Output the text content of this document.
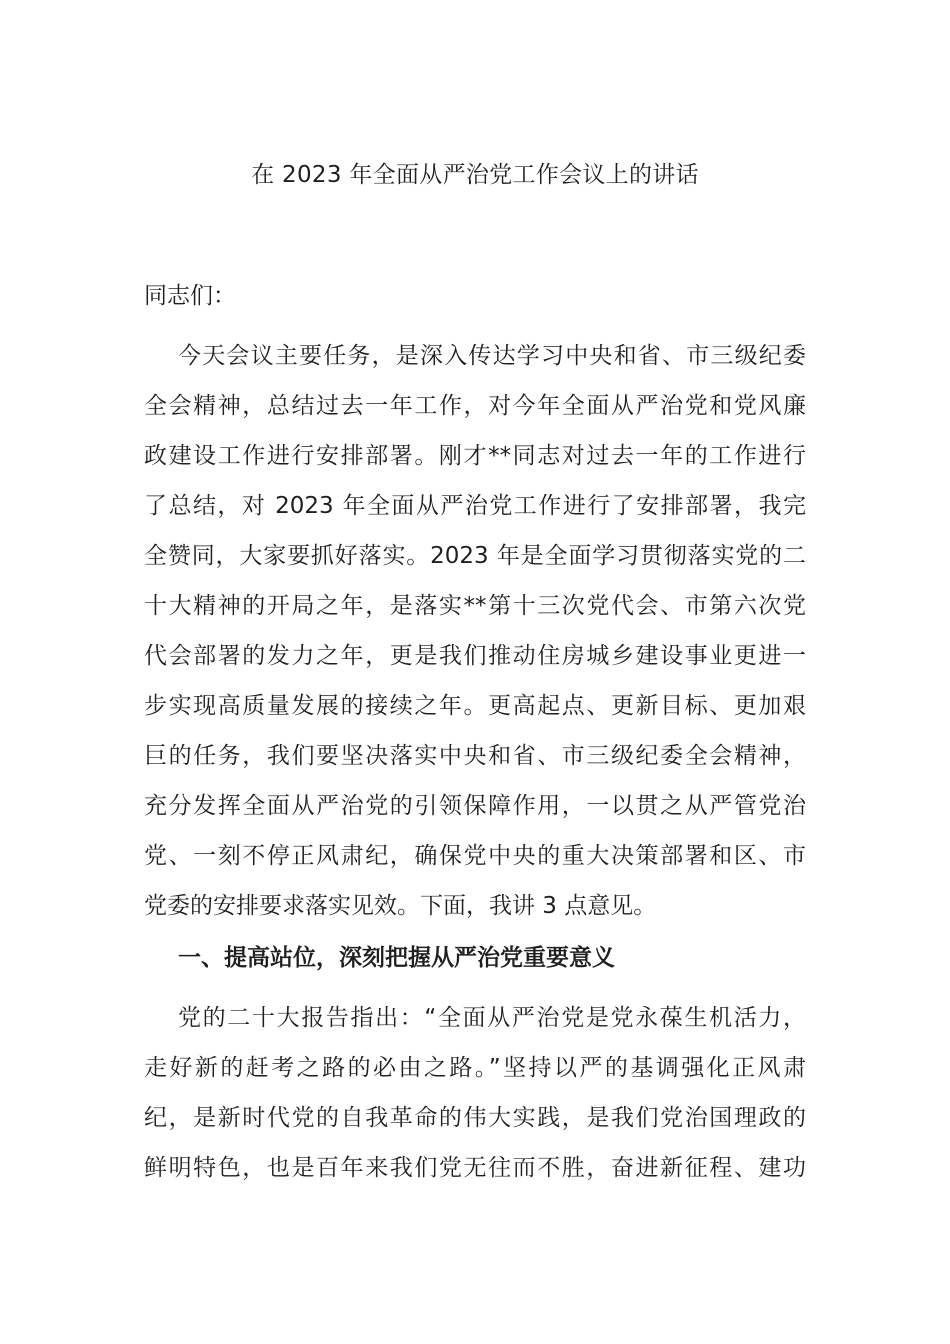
在 2023 年全面从严治党工作会议上的讲话
同志们：
今天会议主要任务，是深入传达学习中央和省、市三级纪委
全会精神，总结过去一年工作，对今年全面从严治党和党风廉
政建设工作进行安排部署。刚才**同志对过去一年的工作进行
了总结，对 2023 年全面从严治党工作进行了安排部署，我完
全赞同，大家要抓好落实。2023 年是全面学习贯彻落实党的二
十大精神的开局之年，是落实**第十三次党代会、市第六次党
代会部署的发力之年，更是我们推动住房城乡建设事业更进一
步实现高质量发展的接续之年。更高起点、更新目标、更加艰
巨的任务，我们要坚决落实中央和省、市三级纪委全会精神，
充分发挥全面从严治党的引领保障作用，一以贯之从严管党治
党、一刻不停正风肃纪，确保党中央的重大决策部署和区、市
党委的安排要求落实见效。下面，我讲 3 点意见。
一、提高站位，深刻把握从严治党重要意义
党的二十大报告指出：“全面从严治党是党永葆生机活力，
走好新的赶考之路的必由之路。”坚持以严的基调强化正风肃
纪，是新时代党的自我革命的伟大实践，是我们党治国理政的
鲜明特色，也是百年来我们党无往而不胜，奋进新征程、建功
